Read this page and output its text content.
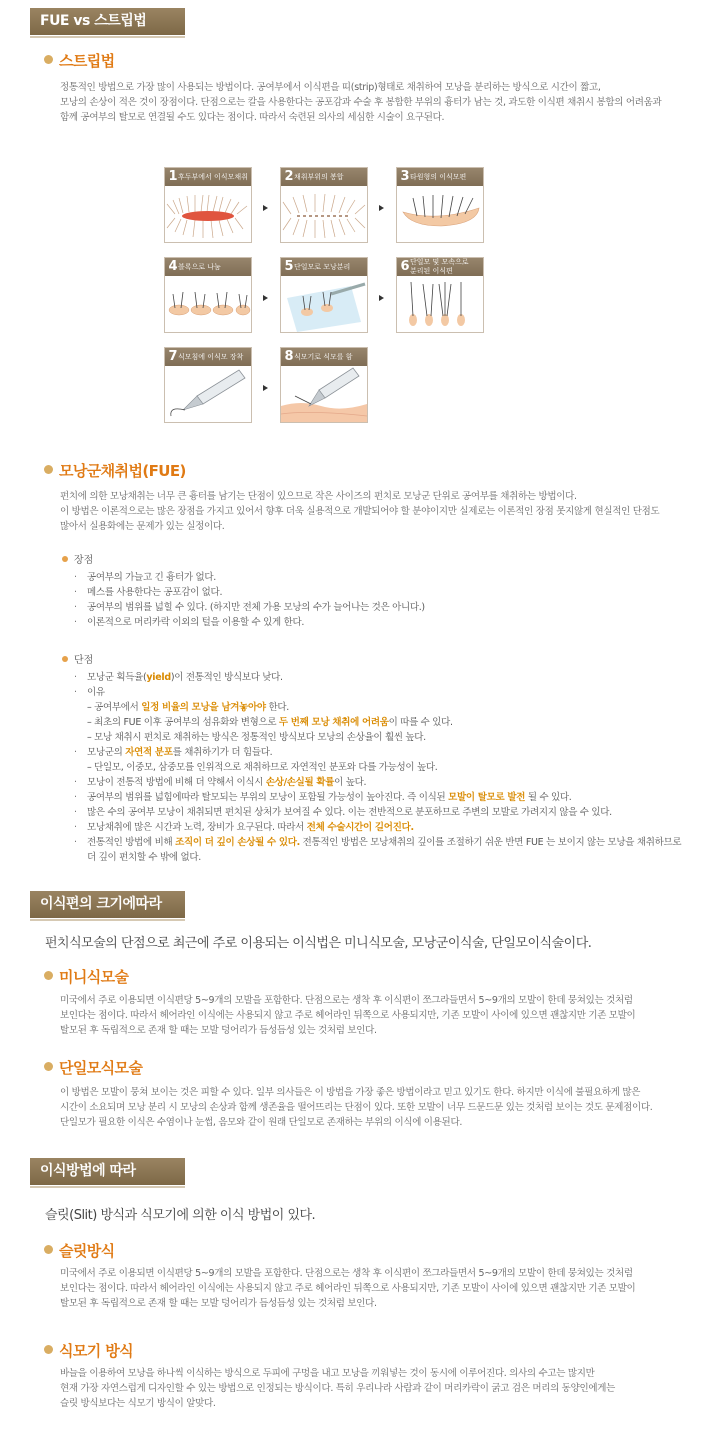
FUE vs 스트립법
스트립법
정통적인 방법으로 가장 많이 사용되는 방법이다. 공여부에서 이식편을 띠(strip)형태로 채취하여 모낭을 분리하는 방식으로 시간이 짧고,
모낭의 손상이 적은 것이 장점이다. 단점으로는 칼을 사용한다는 공포감과 수술 후 봉합한 부위의 흉터가 남는 것, 과도한 이식편 채취시 봉합의 어려움과
함께 공여부의 탈모로 연결될 수도 있다는 점이다. 따라서 숙련된 의사의 세심한 시술이 요구된다.
1후두부에서 이식모채취	2채취부위의 봉합	3타원형의 이식모편
4블록으로 나눔	5단일모로 모낭분리	6단일모 및 모속으로 분리된 이식편
7식모침에 이식모 장착	8식모기로 식모를 함
모낭군채취법(FUE)
펀치에 의한 모낭채취는 너무 큰 흉터를 남기는 단점이 있으므로 작은 사이즈의 펀치로 모낭군 단위로 공여부를 채취하는 방법이다.
이 방법은 이론적으로는 많은 장점을 가지고 있어서 향후 더욱 실용적으로 개발되어야 할 분야이지만 실제로는 이론적인 장점 못지않게 현실적인 단점도
많아서 실용화에는 문제가 있는 실정이다.
장점
· 공여부의 가늘고 긴 흉터가 없다.
· 메스를 사용한다는 공포감이 없다.
· 공여부의 범위를 넓힐 수 있다. (하지만 전체 가용 모낭의 수가 늘어나는 것은 아니다.)
· 이론적으로 머리카락 이외의 털을 이용할 수 있게 한다.
단점
· 모낭군 획득율(yield)이 전통적인 방식보다 낮다.
· 이유
– 공여부에서 일정 비율의 모낭을 남겨놓아야 한다.
– 최초의 FUE 이후 공여부의 섬유화와 변형으로 두 번째 모낭 채취에 어려움이 따를 수 있다.
– 모낭 채취시 펀치로 채취하는 방식은 정통적인 방식보다 모낭의 손상율이 훨씬 높다.
· 모낭군의 자연적 분포를 채취하기가 더 힘들다.
– 단일모, 이중모, 삼중모를 인위적으로 채취하므로 자연적인 분포와 다를 가능성이 높다.
· 모낭이 전통적 방법에 비해 더 약해서 이식시 손상/손실될 확률이 높다.
· 공여부의 범위를 넓힘에따라 탈모되는 부위의 모낭이 포함될 가능성이 높아진다. 즉 이식된 모발이 탈모로 발전 될 수 있다.
· 많은 수의 공여부 모낭이 채취되면 펀치된 상처가 보여질 수 있다. 이는 전반적으로 분포하므로 주변의 모발로 가려지지 않을 수 있다.
· 모낭채취에 많은 시간과 노력, 장비가 요구된다. 따라서 전체 수술시간이 길어진다.
· 전통적인 방법에 비해 조직이 더 깊이 손상될 수 있다. 전통적인 방법은 모낭채취의 깊이를 조절하기 쉬운 반면 FUE 는 보이지 않는 모낭을 채취하므로
더 깊이 펀치할 수 밖에 없다.
이식편의 크기에따라
펀치식모술의 단점으로 최근에 주로 이용되는 이식법은 미니식모술, 모낭군이식술, 단일모이식술이다.
미니식모술
미국에서 주로 이용되면 이식편당 5~9개의 모발을 포함한다. 단점으로는 생착 후 이식편이 쪼그라들면서 5~9개의 모발이 한데 뭉쳐있는 것처럼
보인다는 점이다. 따라서 헤어라인 이식에는 사용되지 않고 주로 헤어라인 뒤쪽으로 사용되지만, 기존 모발이 사이에 있으면 괜찮지만 기존 모발이
탈모된 후 독립적으로 존재 할 때는 모발 덩어리가 듬성듬성 있는 것처럼 보인다.
단일모식모술
이 방법은 모발이 뭉쳐 보이는 것은 피할 수 있다. 일부 의사들은 이 방법을 가장 좋은 방법이라고 믿고 있기도 한다. 하지만 이식에 불필요하게 많은
시간이 소요되며 모낭 분리 시 모낭의 손상과 함께 생존율을 떨어뜨리는 단점이 있다. 또한 모발이 너무 드문드문 있는 것처럼 보이는 것도 문제점이다.
단일모가 필요한 이식은 수염이나 눈썹, 음모와 같이 원래 단일모로 존재하는 부위의 이식에 이용된다.
이식방법에 따라
슬릿(Slit) 방식과 식모기에 의한 이식 방법이 있다.
슬릿방식
미국에서 주로 이용되면 이식편당 5~9개의 모발을 포함한다. 단점으로는 생착 후 이식편이 쪼그라들면서 5~9개의 모발이 한데 뭉쳐있는 것처럼
보인다는 점이다. 따라서 헤어라인 이식에는 사용되지 않고 주로 헤어라인 뒤쪽으로 사용되지만, 기존 모발이 사이에 있으면 괜찮지만 기존 모발이
탈모된 후 독립적으로 존재 할 때는 모발 덩어리가 듬성듬성 있는 것처럼 보인다.
식모기 방식
바늘을 이용하여 모낭을 하나씩 이식하는 방식으로 두피에 구멍을 내고 모낭을 끼워넣는 것이 동시에 이루어진다. 의사의 수고는 많지만
현재 가장 자연스럽게 디자인할 수 있는 방법으로 인정되는 방식이다. 특히 우리나라 사람과 같이 머리카락이 굵고 검은 머리의 동양인에게는
슬릿 방식보다는 식모기 방식이 알맞다.
